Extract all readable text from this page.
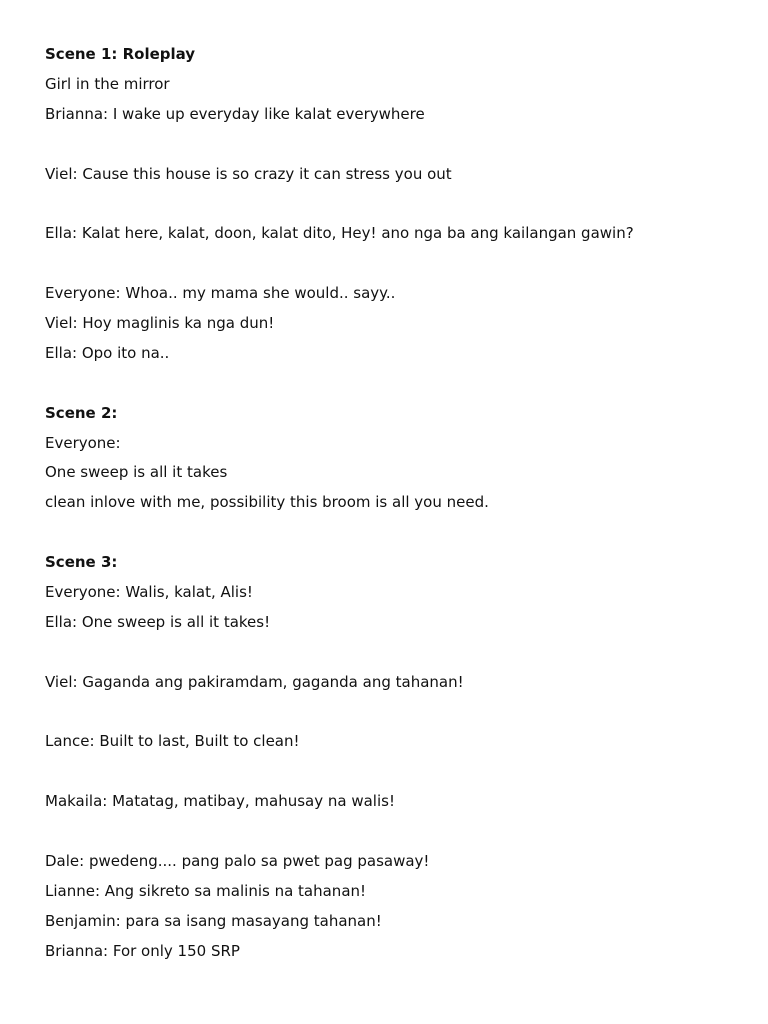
Scene 1: Roleplay
Girl in the mirror
Brianna: I wake up everyday like kalat everywhere
Viel: Cause this house is so crazy it can stress you out
Ella: Kalat here, kalat, doon, kalat dito, Hey! ano nga ba ang kailangan gawin?
Everyone: Whoa.. my mama she would.. sayy..
Viel: Hoy maglinis ka nga dun!
Ella: Opo ito na..
Scene 2:
Everyone:
One sweep is all it takes
clean inlove with me, possibility this broom is all you need.
Scene 3:
Everyone: Walis, kalat, Alis!
Ella: One sweep is all it takes!
Viel: Gaganda ang pakiramdam, gaganda ang tahanan!
Lance: Built to last, Built to clean!
Makaila: Matatag, matibay, mahusay na walis!
Dale: pwedeng.... pang palo sa pwet pag pasaway!
Lianne: Ang sikreto sa malinis na tahanan!
Benjamin: para sa isang masayang tahanan!
Brianna: For only 150 SRP
